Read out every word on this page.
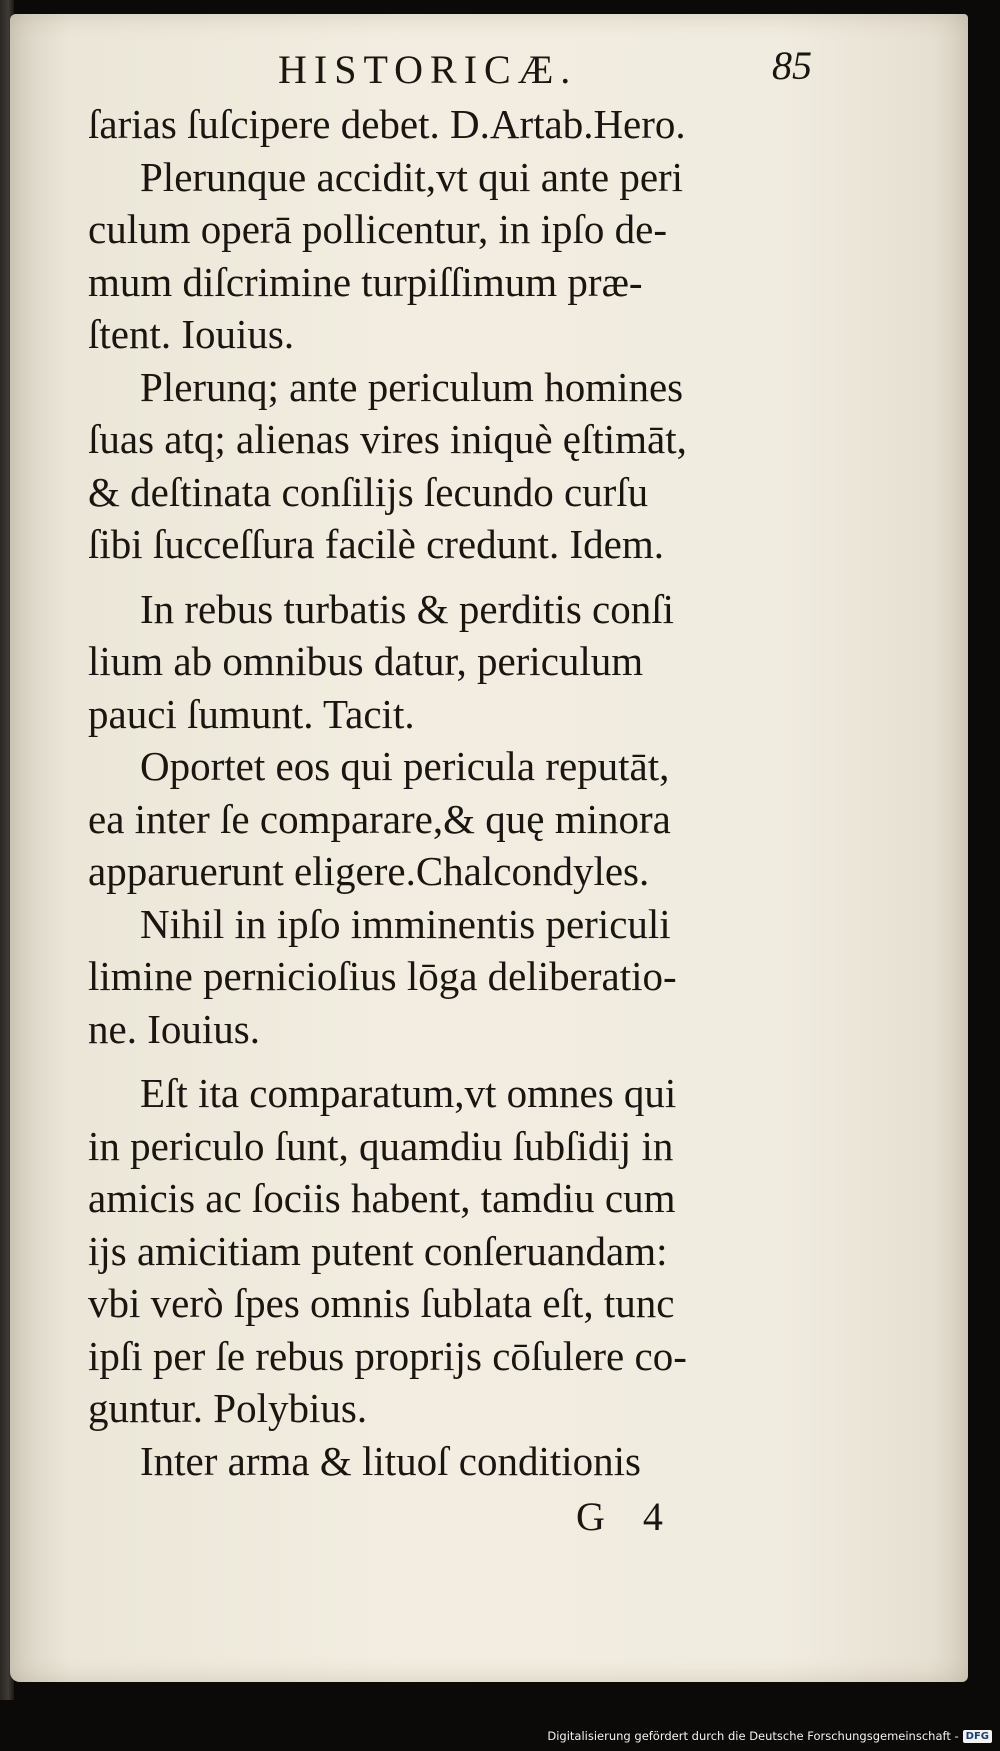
HISTORICÆ.	85

ſarias ſuſcipere debet. D.Artab.Hero.

Plerunque accidit,vt qui ante peri
culum operā pollicentur, in ipſo de-
mum diſcrimine turpiſſimum præ-
ſtent. Iouius.

Plerunq; ante periculum homines
ſuas atq; alienas vires iniquè ęſtimāt,
& deſtinata conſilijs ſecundo curſu
ſibi ſucceſſura facilè credunt. Idem.

In rebus turbatis & perditis conſi
lium ab omnibus datur, periculum
pauci ſumunt. Tacit.

Oportet eos qui pericula reputāt,
ea inter ſe comparare,& quę minora
apparuerunt eligere.Chalcondyles.

Nihil in ipſo imminentis periculi
limine pernicioſius lōga deliberatio-
ne. Iouius.

Eſt ita comparatum,vt omnes qui
in periculo ſunt, quamdiu ſubſidij in
amicis ac ſociis habent, tamdiu cum
ijs amicitiam putent conſeruandam:
vbi verò ſpes omnis ſublata eſt, tunc
ipſi per ſe rebus proprijs cōſulere co-
guntur. Polybius.

Inter arma & lituoſ conditionis

G 4
Digitalisierung gefördert durch die Deutsche Forschungsgemeinschaft - DFG
